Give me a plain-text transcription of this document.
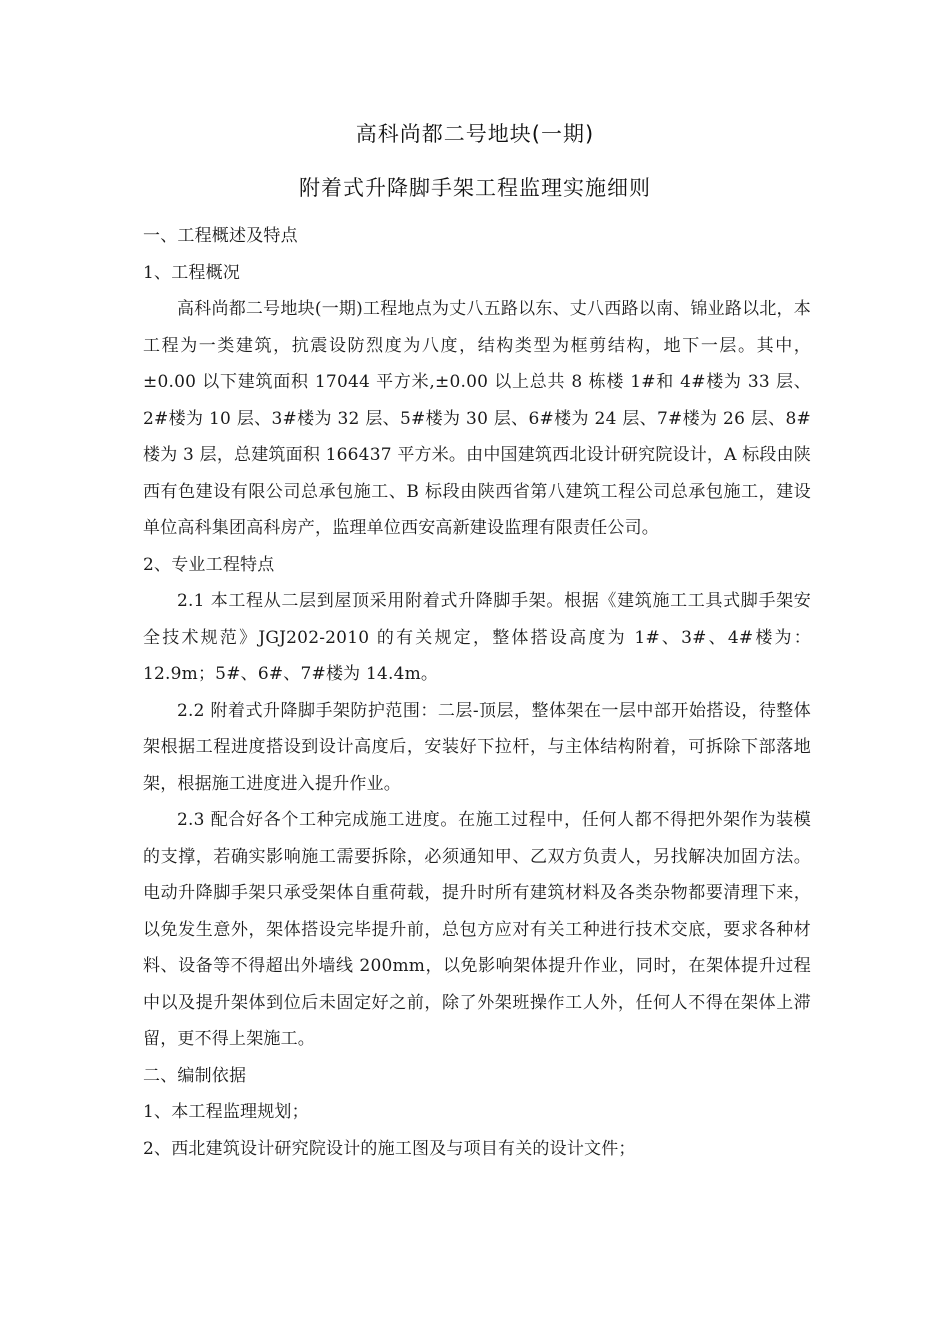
高科尚都二号地块(一期)
附着式升降脚手架工程监理实施细则

一、工程概述及特点

1、工程概况

高科尚都二号地块(一期)工程地点为丈八五路以东、丈八西路以南、锦业路以北，本工程为一类建筑，抗震设防烈度为八度，结构类型为框剪结构，地下一层。其中，±0.00 以下建筑面积 17044 平方米,±0.00 以上总共 8 栋楼 1#和 4#楼为 33 层、2#楼为 10 层、3#楼为 32 层、5#楼为 30 层、6#楼为 24 层、7#楼为 26 层、8#楼为 3 层，总建筑面积 166437 平方米。由中国建筑西北设计研究院设计，A 标段由陕西有色建设有限公司总承包施工、B 标段由陕西省第八建筑工程公司总承包施工，建设单位高科集团高科房产，监理单位西安高新建设监理有限责任公司。

2、专业工程特点

2.1 本工程从二层到屋顶采用附着式升降脚手架。根据《建筑施工工具式脚手架安全技术规范》JGJ202-2010 的有关规定，整体搭设高度为 1#、3#、4#楼为：12.9m；5#、6#、7#楼为 14.4m。

2.2 附着式升降脚手架防护范围：二层-顶层，整体架在一层中部开始搭设，待整体架根据工程进度搭设到设计高度后，安装好下拉杆，与主体结构附着，可拆除下部落地架，根据施工进度进入提升作业。

2.3 配合好各个工种完成施工进度。在施工过程中，任何人都不得把外架作为装模的支撑，若确实影响施工需要拆除，必须通知甲、乙双方负责人，另找解决加固方法。电动升降脚手架只承受架体自重荷载，提升时所有建筑材料及各类杂物都要清理下来，以免发生意外，架体搭设完毕提升前，总包方应对有关工种进行技术交底，要求各种材料、设备等不得超出外墙线 200mm，以免影响架体提升作业，同时，在架体提升过程中以及提升架体到位后未固定好之前，除了外架班操作工人外，任何人不得在架体上滞留，更不得上架施工。

二、编制依据

1、本工程监理规划；

2、西北建筑设计研究院设计的施工图及与项目有关的设计文件；
